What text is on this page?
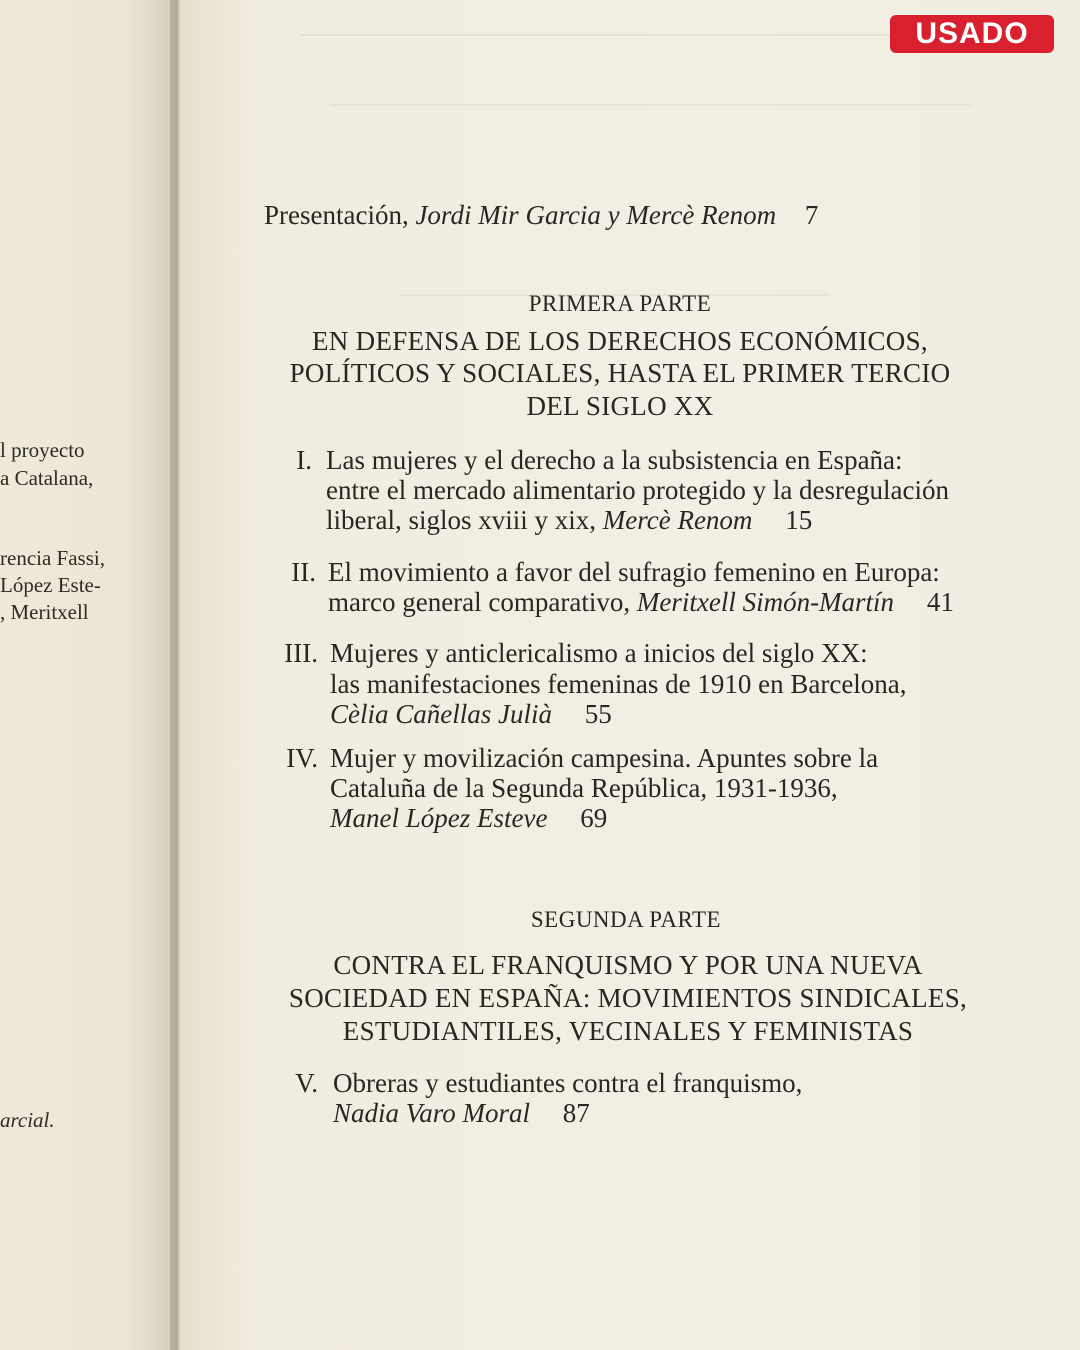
l proyecto
a Catalana,
rencia Fassi,
López Este-
, Meritxell
arcial.
USADO
Presentación, Jordi Mir Garcia y Mercè Renom 7
PRIMERA PARTE
EN DEFENSA DE LOS DERECHOS ECONÓMICOS,
POLÍTICOS Y SOCIALES, HASTA EL PRIMER TERCIO
DEL SIGLO XX
I. Las mujeres y el derecho a la subsistencia en España:
entre el mercado alimentario protegido y la desregulación
liberal, siglos xviii y xix, Mercè Renom 15
II. El movimiento a favor del sufragio femenino en Europa:
marco general comparativo, Meritxell Simón-Martín 41
III. Mujeres y anticlericalismo a inicios del siglo XX:
las manifestaciones femeninas de 1910 en Barcelona,
Cèlia Cañellas Julià 55
IV. Mujer y movilización campesina. Apuntes sobre la
Cataluña de la Segunda República, 1931-1936,
Manel López Esteve 69
SEGUNDA PARTE
CONTRA EL FRANQUISMO Y POR UNA NUEVA
SOCIEDAD EN ESPAÑA: MOVIMIENTOS SINDICALES,
ESTUDIANTILES, VECINALES Y FEMINISTAS
V. Obreras y estudiantes contra el franquismo,
Nadia Varo Moral 87
